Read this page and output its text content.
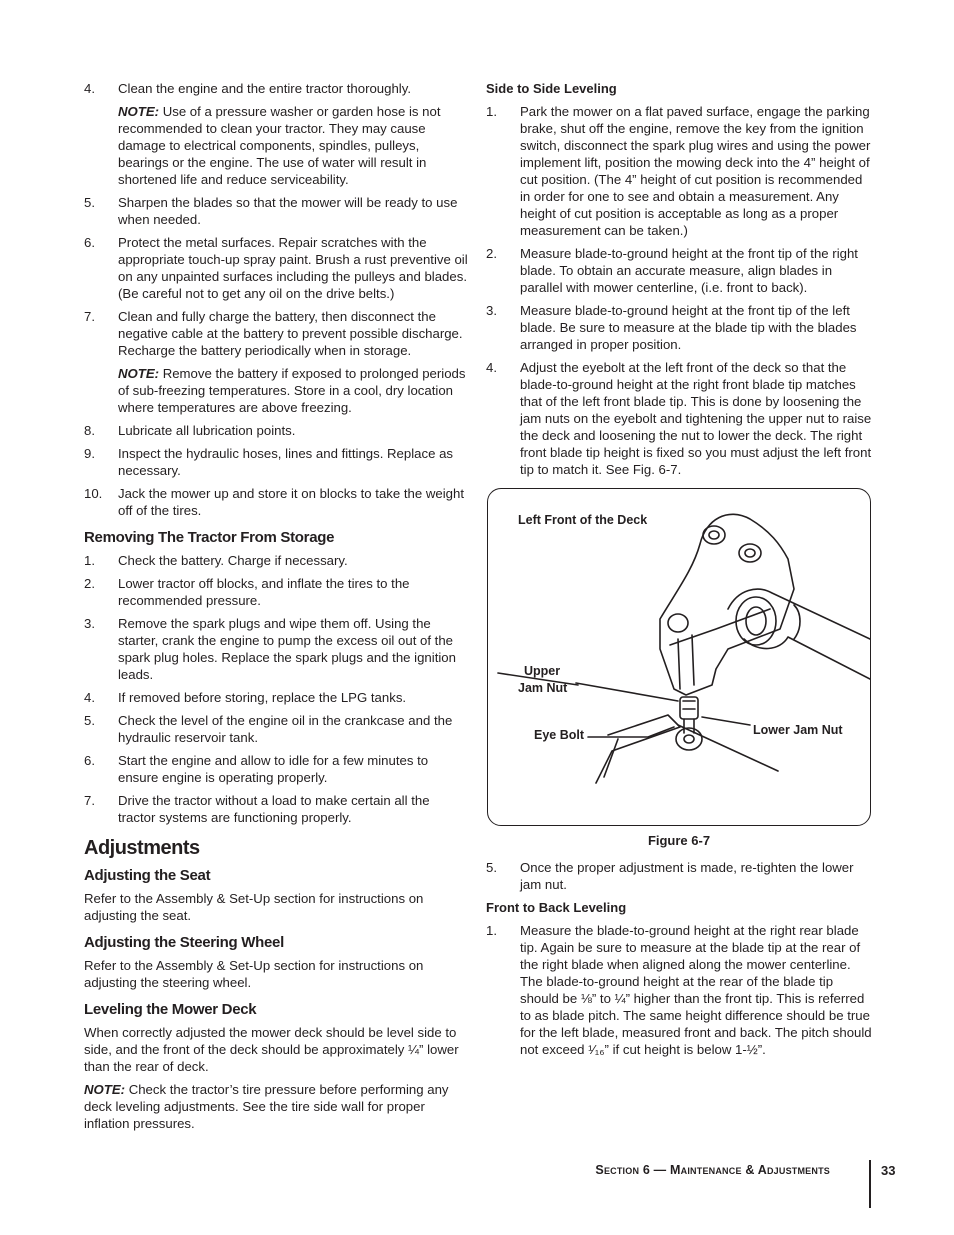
4. Clean the engine and the entire tractor thoroughly.

NOTE: Use of a pressure washer or garden hose is not recommended to clean your tractor. They may cause damage to electrical components, spindles, pulleys, bearings or the engine. The use of water will result in shortened life and reduce serviceability.
5. Sharpen the blades so that the mower will be ready to use when needed.

6. Protect the metal surfaces. Repair scratches with the appropriate touch-up spray paint. Brush a rust preventive oil on any unpainted surfaces including the pulleys and blades. (Be careful not to get any oil on the drive belts.)

7. Clean and fully charge the battery, then disconnect the negative cable at the battery to prevent possible discharge. Recharge the battery periodically when in storage.

NOTE: Remove the battery if exposed to prolonged periods of sub-freezing temperatures. Store in a cool, dry location where temperatures are above freezing.
8. Lubricate all lubrication points.

9. Inspect the hydraulic hoses, lines and fittings. Replace as necessary.

10. Jack the mower up and store it on blocks to take the weight off of the tires.

Removing The Tractor From Storage
1. Check the battery. Charge if necessary.

2. Lower tractor off blocks, and inflate the tires to the recommended pressure.

3. Remove the spark plugs and wipe them off. Using the starter, crank the engine to pump the excess oil out of the spark plug holes. Replace the spark plugs and the ignition leads.

4. If removed before storing, replace the LPG tanks.

5. Check the level of the engine oil in the crankcase and the hydraulic reservoir tank.

6. Start the engine and allow to idle for a few minutes to ensure engine is operating properly.

7. Drive the tractor without a load to make certain all the tractor systems are functioning properly.

Adjustments
Adjusting the Seat

Refer to the Assembly & Set-Up section for instructions on adjusting the seat.

Adjusting the Steering Wheel

Refer to the Assembly & Set-Up section for instructions on adjusting the steering wheel.

Leveling the Mower Deck

When correctly adjusted the mower deck should be level side to side, and the front of the deck should be approximately ¼” lower than the rear of deck.

NOTE: Check the tractor’s tire pressure before performing any deck leveling adjustments. See the tire side wall for proper inflation pressures.
Side to Side Leveling
1. Park the mower on a flat paved surface, engage the parking brake, shut off the engine, remove the key from the ignition switch, disconnect the spark plug wires and using the power implement lift, position the mowing deck into the 4” height of cut position. (The 4” height of cut position is recommended in order for one to see and obtain a measurement. Any height of cut position is acceptable as long as a proper measurement can be taken.)

2. Measure blade-to-ground height at the front tip of the right blade. To obtain an accurate measure, align blades in parallel with mower centerline, (i.e. front to back).

3. Measure blade-to-ground height at the front tip of the left blade. Be sure to measure at the blade tip with the blades arranged in proper position.

4. Adjust the eyebolt at the left front of the deck so that the blade-to-ground height at the right front blade tip matches that of the left front blade tip. This is done by loosening the jam nuts on the eyebolt and tightening the upper nut to raise the deck and loosening the nut to lower the deck. The right front blade tip height is fixed so you must adjust the left front tip to match it. See Fig. 6-7.

Left Front of the Deck
Upper
Jam Nut
Eye Bolt	Lower Jam Nut
Figure 6-7
5. Once the proper adjustment is made, re-tighten the lower jam nut.

Front to Back Leveling
1. Measure the blade-to-ground height at the right rear blade tip. Again be sure to measure at the blade tip at the rear of the right blade when aligned along the mower centerline. The blade-to-ground height at the rear of the blade tip should be ⅛” to ¼” higher than the front tip. This is referred to as blade pitch. The same height difference should be true for the left blade, measured front and back. The pitch should not exceed ¹⁄₁₆” if cut height is below 1-½”.

Section 6 — Maintenance & Adjustments	33
